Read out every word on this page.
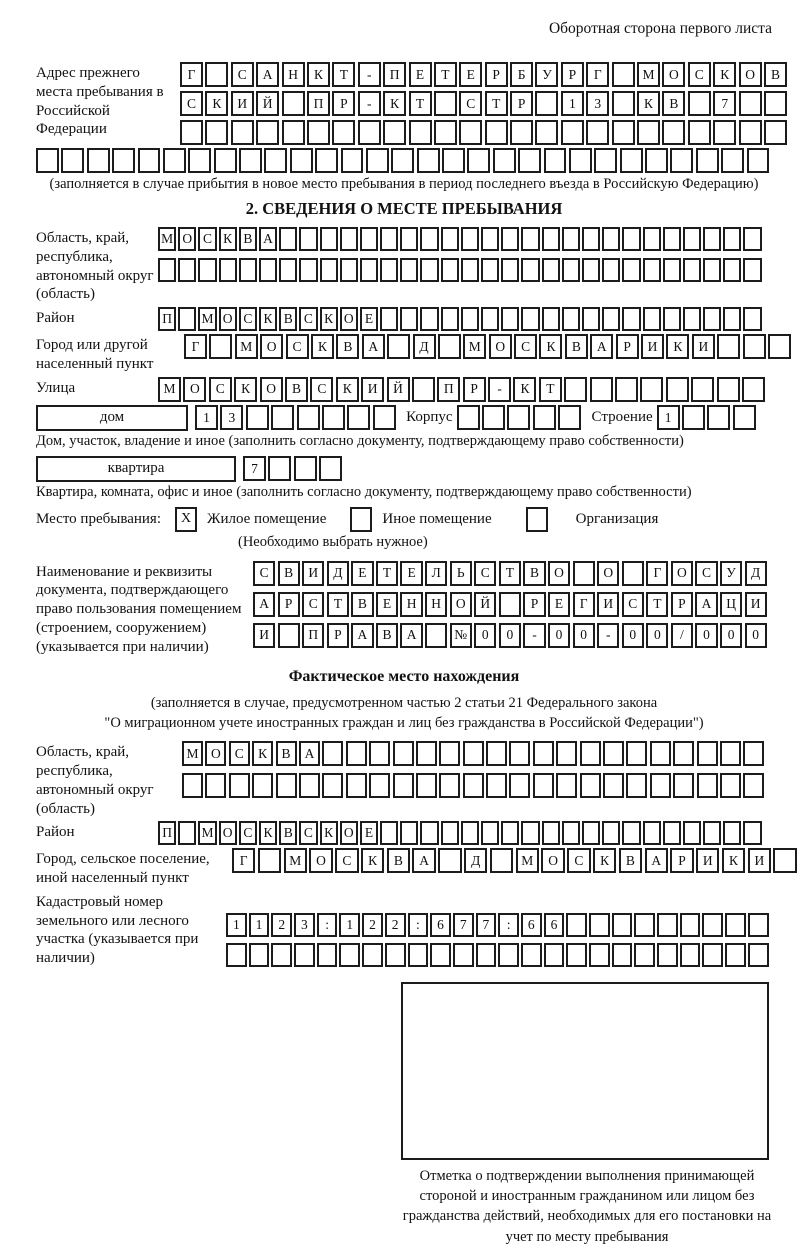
Оборотная сторона первого листа
Адрес прежнего места пребывания в Российской Федерации
Г	С	А	Н	К	Т	-	П	Е	Т	Е	Р	Б	У	Р	Г	М	О	С	К	О	В
С	К	И	Й	П	Р	-	К	Т	С	Т	Р	1	3	К	В	7
(заполняется в случае прибытия в новое место пребывания в период последнего въезда в Российскую Федерацию)
2. СВЕДЕНИЯ О МЕСТЕ ПРЕБЫВАНИЯ
Область, край, республика, автономный округ (область)
М О С К В А
Район	П	М О С К В С К О Е
Город или другой населенный пункт
Г	М	О	С	К	В	А	Д	М	О	С	К	В	А	Р	И	К	И
Улица	М	О	С	К	О	В	С	К	И	Й	П	Р	-	К	Т
дом	1	3	Корпус	Строение 1
Дом, участок, владение и иное (заполнить согласно документу, подтверждающему право собственности)
квартира	7
Квартира, комната, офис и иное (заполнить согласно документу, подтверждающему право собственности)
Место пребывания:	X	Жилое помещение	Иное помещение	Организация
(Необходимо выбрать нужное)
Наименование и реквизиты документа, подтверждающего право пользования помещением (строением, сооружением) (указывается при наличии)
С	В	И	Д	Е	Т	Е	Л	Ь	С	Т	В	О	О	Г	О	С	У	Д
А	Р	С	Т	В	Е	Н	Н	О	Й	Р	Е	Г	И	С	Т	Р	А	Ц	И
И	П	Р	А	В	А	№	0	0	-	0	0	-	0	0	/	0	0	0
Фактическое место нахождения
(заполняется в случае, предусмотренном частью 2 статьи 21 Федерального закона
"О миграционном учете иностранных граждан и лиц без гражданства в Российской Федерации")
Область, край, республика, автономный округ (область)
М О	С	К	В	А
Район	П	М О С К В С К О Е
Город, сельское поселение, иной населенный пункт
Г	М	О	С	К	В	А	Д	М	О	С	К	В	А	Р	И	К	И
Кадастровый номер земельного или лесного участка (указывается при наличии)
1	1	2	3	:	1	2	2	:	6	7	7	:	6	6
Отметка о подтверждении выполнения принимающей стороной и иностранным гражданином или лицом без гражданства действий, необходимых для его постановки на учет по месту пребывания
